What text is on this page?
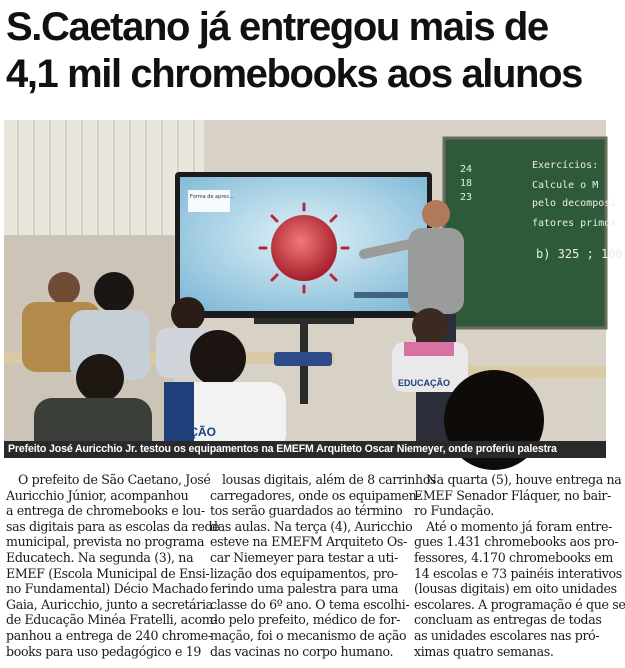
S.Caetano já entregou mais de
4,1 mil chromebooks aos alunos
24
18
23
Exercícios:
Calcule o M
pelo decomposi
fatores primos
b) 325 ; 100
Forma de apres...
EDUCAÇÃO
CAÇÃO
Prefeito José Auricchio Jr. testou os equipamentos na EMEFM Arquiteto Oscar Niemeyer, onde proferiu palestra
O prefeito de São Caetano, José
Auricchio Júnior, acompanhou
a entrega de chromebooks e lou-
sas digitais para as escolas da rede
municipal, prevista no programa
Educatech. Na segunda (3), na
EMEF (Escola Municipal de Ensi-
no Fundamental) Décio Machado
Gaia, Auricchio, junto a secretária
de Educação Minéa Fratelli, acom-
panhou a entrega de 240 chrome-
books para uso pedagógico e 19
lousas digitais, além de 8 carrinhos
carregadores, onde os equipamen-
tos serão guardados ao término
das aulas. Na terça (4), Auricchio
esteve na EMEFM Arquiteto Os-
car Niemeyer para testar a uti-
lização dos equipamentos, pro-
ferindo uma palestra para uma
classe do 6º ano. O tema escolhi-
do pelo prefeito, médico de for-
mação, foi o mecanismo de ação
das vacinas no corpo humano.
Na quarta (5), houve entrega na
EMEF Senador Fláquer, no bair-
ro Fundação.
Até o momento já foram entre-
gues 1.431 chromebooks aos pro-
fessores, 4.170 chromebooks em
14 escolas e 73 painéis interativos
(lousas digitais) em oito unidades
escolares. A programação é que se
concluam as entregas de todas
as unidades escolares nas pró-
ximas quatro semanas.
